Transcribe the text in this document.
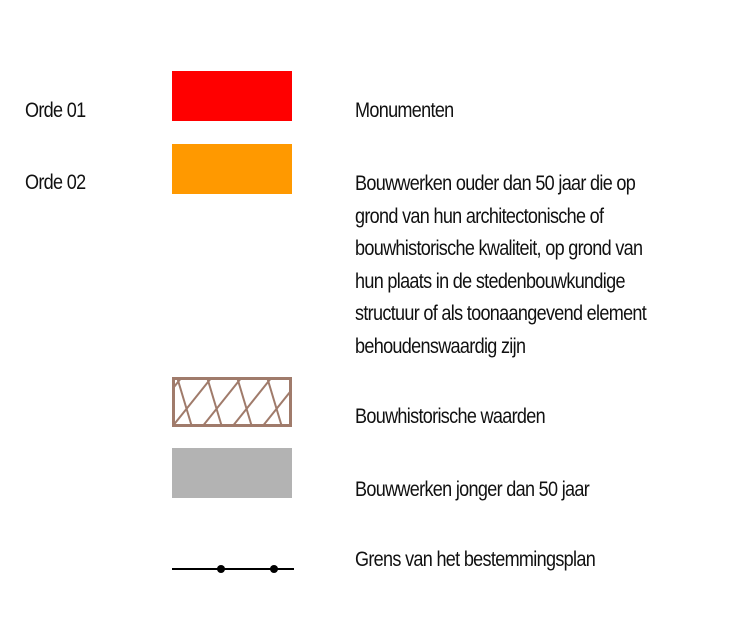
Orde 01	Monumenten
Orde 02	Bouwwerken ouder dan 50 jaar die op
grond van hun architectonische of
bouwhistorische kwaliteit, op grond van
hun plaats in de stedenbouwkundige
structuur of als toonaangevend element
behoudenswaardig zijn
Bouwhistorische waarden
Bouwwerken jonger dan 50 jaar
Grens van het bestemmingsplan
